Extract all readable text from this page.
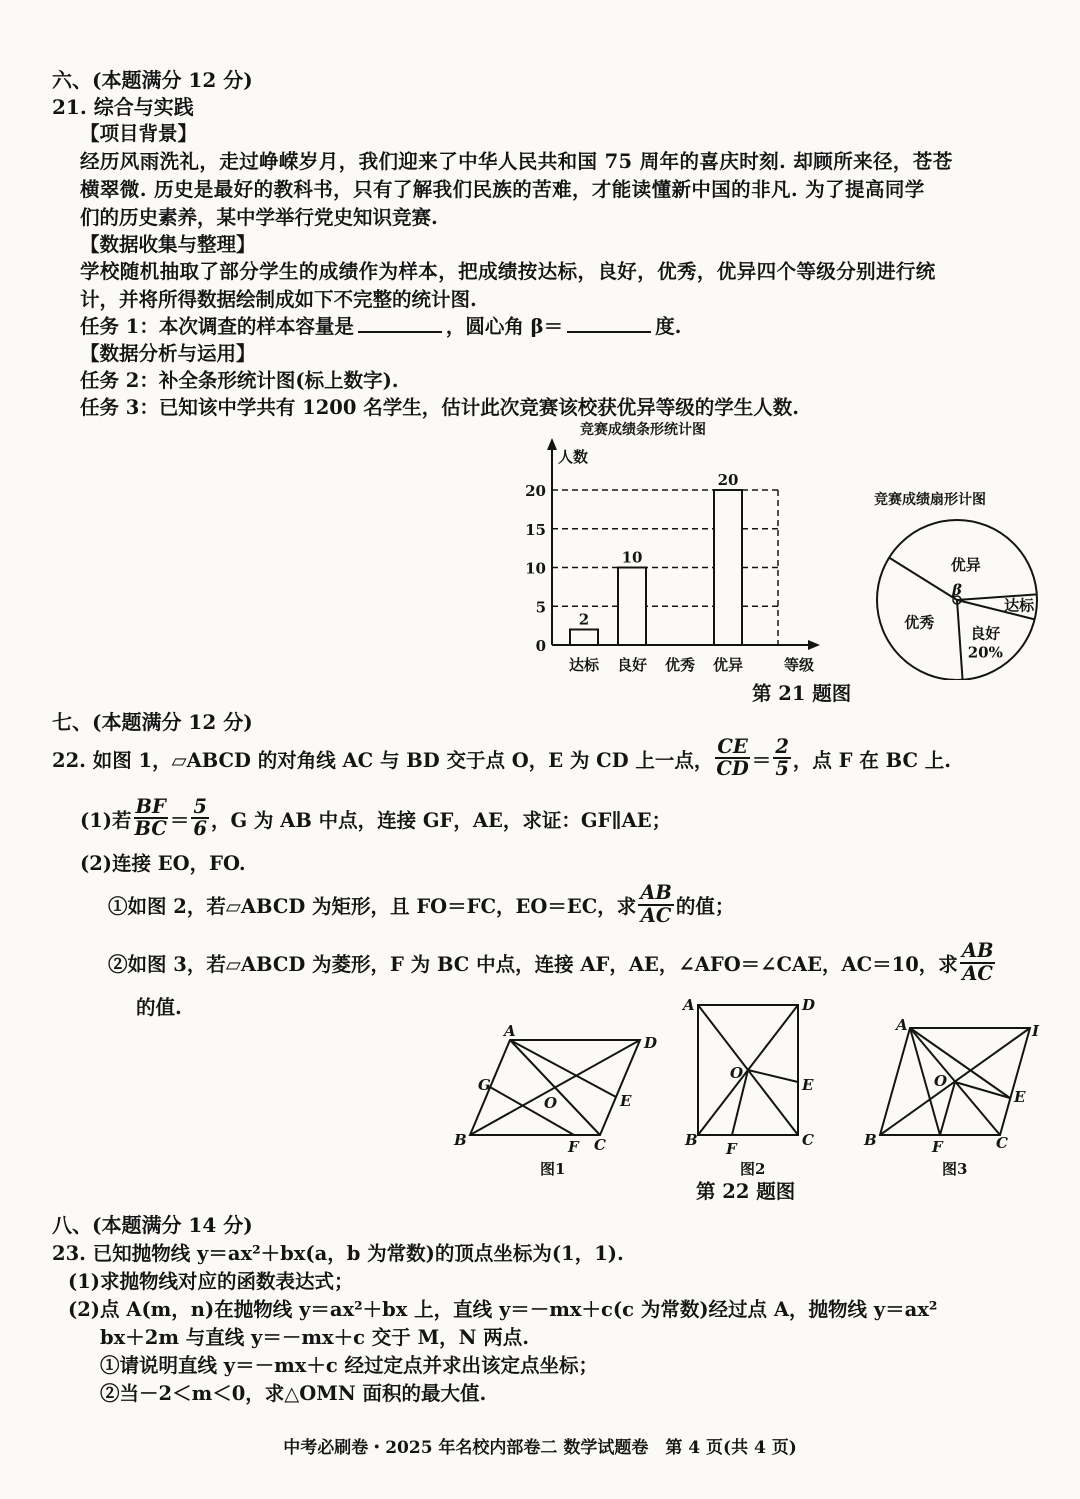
六、(本题满分 12 分)
21. 综合与实践
【项目背景】
经历风雨洗礼，走过峥嵘岁月，我们迎来了中华人民共和国 75 周年的喜庆时刻. 却顾所来径，苍苍
横翠微. 历史是最好的教科书，只有了解我们民族的苦难，才能读懂新中国的非凡. 为了提高同学
们的历史素养，某中学举行党史知识竞赛.
【数据收集与整理】
学校随机抽取了部分学生的成绩作为样本，把成绩按达标，良好，优秀，优异四个等级分别进行统
计，并将所得数据绘制成如下不完整的统计图.
任务 1：本次调查的样本容量是	，圆心角 β＝	度.
【数据分析与运用】
任务 2：补全条形统计图(标上数字).
任务 3：已知该中学共有 1200 名学生，估计此次竞赛该校获优异等级的学生人数.
竞赛成绩条形统计图
人数
等级
0
5
10
15
20
达标
2
良好
10
优秀 优异
20
竞赛成绩扇形计图
优异
达标
良好
优秀
20%
β
第 21 题图
七、(本题满分 12 分)
22. 如图 1，▱ABCD 的对角线 AC 与 BD 交于点 O，E 为 CD 上一点， $\frac{CE}{CD} = \frac{2}{5}$ ，点 F 在 BC 上.
(1)若 $\frac{BF}{BC} = \frac{5}{6}$ ，G 为 AB 中点，连接 GF，AE，求证：GF∥AE；
(2)连接 EO，FO.
①如图 2，若▱ABCD 为矩形，且 FO＝FC，EO＝EC，求 $\frac{AB}{AC}$ 的值；
②如图 3，若▱ABCD 为菱形，F 为 BC 中点，连接 AF，AE，∠AFO＝∠CAE，AC＝10，求 $\frac{AB}{AC}$
的值.
A
D
B	C
E
F
G
O
A	D
B	C
E
F
O
A	I
B	C
E
F
O
图1	图2	图3
第 22 题图
八、(本题满分 14 分)
23. 已知抛物线 y＝ax²＋bx(a，b 为常数)的顶点坐标为(1，1).
(1)求抛物线对应的函数表达式；
(2)点 A(m，n)在抛物线 y＝ax²＋bx 上，直线 y＝－mx＋c(c 为常数)经过点 A，抛物线 y＝ax²
bx＋2m 与直线 y＝－mx＋c 交于 M，N 两点.
①请说明直线 y＝－mx＋c 经过定点并求出该定点坐标；
②当－2＜m＜0，求△OMN 面积的最大值.
中考必刷卷・2025 年名校内部卷二 数学试题卷　第 4 页(共 4 页)
